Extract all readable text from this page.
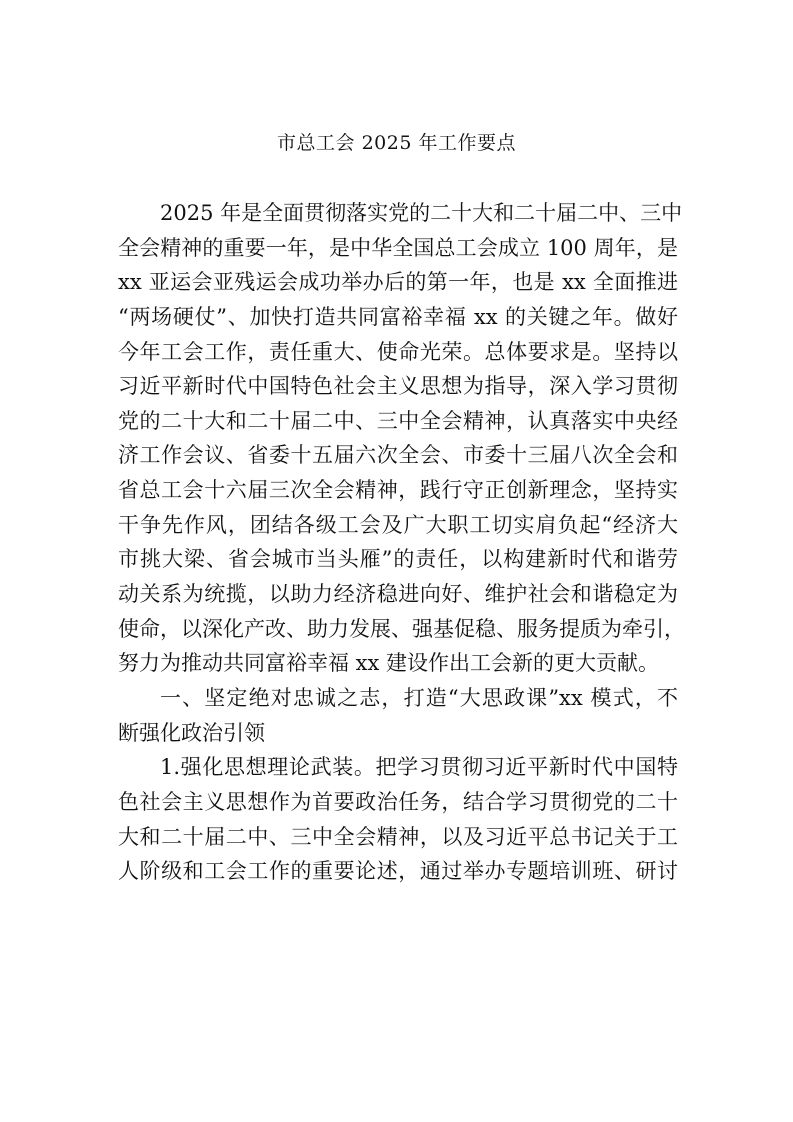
市总工会 2025 年工作要点
2025 年是全面贯彻落实党的二十大和二十届二中、三中
全会精神的重要一年，是中华全国总工会成立 100 周年，是
xx 亚运会亚残运会成功举办后的第一年，也是 xx 全面推进
“两场硬仗”、加快打造共同富裕幸福 xx 的关键之年。做好
今年工会工作，责任重大、使命光荣。总体要求是。坚持以
习近平新时代中国特色社会主义思想为指导，深入学习贯彻
党的二十大和二十届二中、三中全会精神，认真落实中央经
济工作会议、省委十五届六次全会、市委十三届八次全会和
省总工会十六届三次全会精神，践行守正创新理念，坚持实
干争先作风，团结各级工会及广大职工切实肩负起“经济大
市挑大梁、省会城市当头雁”的责任，以构建新时代和谐劳
动关系为统揽，以助力经济稳进向好、维护社会和谐稳定为
使命，以深化产改、助力发展、强基促稳、服务提质为牵引，
努力为推动共同富裕幸福 xx 建设作出工会新的更大贡献。
一、坚定绝对忠诚之志，打造“大思政课”xx 模式，不
断强化政治引领
1.强化思想理论武装。把学习贯彻习近平新时代中国特
色社会主义思想作为首要政治任务，结合学习贯彻党的二十
大和二十届二中、三中全会精神，以及习近平总书记关于工
人阶级和工会工作的重要论述，通过举办专题培训班、研讨
